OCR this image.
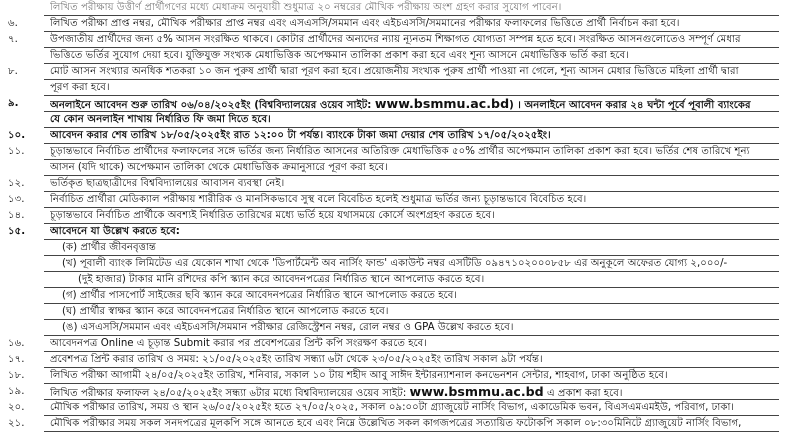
লিখিত পরীক্ষায় উত্তীর্ণ প্রার্থীগণের মধ্যে মেধাক্রম অনুযায়ী শুধুমাত্র ২০ নম্বরের মৌখিক পরীক্ষায় অংশ গ্রহণ করার সুযোগ পাবেন।
৬.	লিখিত পরীক্ষা প্রাপ্ত নম্বর, মৌখিক পরীক্ষার প্রাপ্ত নম্বর এবং এসএসসি/সমমান এবং এইচএসসি/সমমানের পরীক্ষার ফলাফলের ভিত্তিতে প্রার্থী নির্বাচন করা হবে।
৭.	উপজাতীয় প্রার্থীদের জন্য ৫% আসন সংরক্ষিত থাকবে। কোটার প্রার্থীদের অন্যদের ন্যায় ন্যূনতম শিক্ষাগত যোগ্যতা সম্পন্ন হতে হবে। সংরক্ষিত আসনগুলোতেও সম্পূর্ণ মেধার
ভিত্তিতে ভর্তির সুযোগ দেয়া হবে। যুক্তিযুক্ত সংখ্যক মেধাভিত্তিক অপেক্ষমান তালিকা প্রকাশ করা হবে এবং শূন্য আসনে মেধাভিত্তিক ভর্তি করা হবে।
৮.	মোট আসন সংখ্যার অনধিক শতকরা ১০ জন পুরুষ প্রার্থী দ্বারা পূরণ করা হবে। প্রয়োজনীয় সংখ্যক পুরুষ প্রার্থী পাওয়া না গেলে, শূন্য আসন মেধার ভিত্তিতে মহিলা প্রার্থী দ্বারা
পূরণ করা হবে।
৯.	অনলাইনে আবেদন শুরু তারিখ ০৬/০৪/২০২৫ইং (বিশ্ববিদ্যালয়ের ওয়েব সাইট: www.bsmmu.ac.bd) । অনলাইনে আবেদন করার ২৪ ঘন্টা পূর্বে পূবালী ব্যাংকের
যে কোন অনলাইন শাখায় নির্ধারিত ফি জমা দিতে হবে।
১০.	আবেদন করার শেষ তারিখ ১৮/০৫/২০২৫ইং রাত ১২:০০ টা পর্যন্ত। ব্যাংকে টাকা জমা দেয়ার শেষ তারিখ ১৭/০৫/২০২৫ইং।
১১.	চূড়ান্তভাবে নির্বাচিত প্রার্থীদের ফলাফলের সঙ্গে ভর্তির জন্য নির্ধারিত আসনের অতিরিক্ত মেধাভিত্তিক ৫০% প্রার্থীর অপেক্ষমান তালিকা প্রকাশ করা হবে। ভর্তির শেষ তারিখে শূন্য
আসন (যদি থাকে) অপেক্ষমান তালিকা থেকে মেধাভিত্তিক ক্রমানুসারে পূরণ করা হবে।
১২.	ভর্তিকৃত ছাত্রছাত্রীদের বিশ্ববিদ্যালয়ের আবাসন ব্যবস্থা নেই।
১৩.	নির্বাচিত প্রার্থীরা মেডিক্যাল পরীক্ষায় শারীরিক ও মানসিকভাবে সুস্থ বলে বিবেচিত হলেই শুধুমাত্র ভর্তির জন্য চূড়ান্তভাবে বিবেচিত হবে।
১৪.	চূড়ান্তভাবে নির্বাচিত প্রার্থীকে অবশ্যই নির্ধারিত তারিখের মধ্যে ভর্তি হয়ে যথাসময়ে কোর্সে অংশগ্রহণ করতে হবে।
১৫.	আবেদনে যা উল্লেখ করতে হবে:
(ক) প্রার্থীর জীবনবৃত্তান্ত
(খ) পূবালী ব্যাংক লিমিটেড এর যেকোন শাখা থেকে 'ডিপার্টমেন্ট অব নার্সিং ফান্ড' একাউন্ট নম্বর এসটিডি ০৯৪৭১০২০০০৮৫৮ এর অনুকূলে অফেরত যোগ্য ২,০০০/-
(দুই হাজার) টাকার মানি রশিদের কপি স্ক্যান করে আবেদনপত্রের নির্ধারিত স্থানে আপলোড করতে হবে।
(গ) প্রার্থীর পাসপোর্ট সাইজের ছবি স্ক্যান করে আবেদনপত্রের নির্ধারিত স্থানে আপলোড করতে হবে।
(ঘ) প্রার্থীর স্বাক্ষর স্ক্যান করে আবেদনপত্রের নির্ধারিত স্থানে আপলোড করতে হবে।
(ঙ) এসএসসি/সমমান এবং এইচএসসি/সমমান পরীক্ষার রেজিস্ট্রেশন নম্বর, রোল নম্বর ও GPA উল্লেখ করতে হবে।
১৬.	আবেদনপত্র Online এ চূড়ান্ত Submit করার পর প্রবেশপত্রের প্রিন্ট কপি সংরক্ষণ করতে হবে।
১৭.	প্রবেশপত্র প্রিন্ট করার তারিখ ও সময়: ২১/০৫/২০২৫ইং তারিখ সন্ধ্যা ৬টা থেকে ২৩/০৫/২০২৫ইং তারিখ সকাল ৯টা পর্যন্ত।
১৮.	লিখিত পরীক্ষা আগামী ২৪/০৫/২০২৫ইং তারিখ, শনিবার, সকাল ১০ টায় শহীদ আবু সাঈদ ইন্টারন্যাশনাল কনভেনশন সেন্টার, শাহবাগ, ঢাকা অনুষ্ঠিত হবে।
১৯.	লিখিত পরীক্ষার ফলাফল ২৪/০৫/২০২৫ইং সন্ধ্যা ৬টার মধ্যে বিশ্ববিদ্যালয়ের ওয়েব সাইট: www.bsmmu.ac.bd এ প্রকাশ করা হবে।
২০.	মৌখিক পরীক্ষার তারিখ, সময় ও স্থান ২৬/০৫/২০২৫ইং হতে ২৭/০৫/২০২৫, সকাল ০৯:০০টা গ্র্যাজুয়েট নার্সিং বিভাগ, একাডেমিক ভবন, বিএসএমএমইউ, পরিবাগ, ঢাকা।
২১.	মৌখিক পরীক্ষার সময় সকল সনদপত্রের মূলকপি সঙ্গে আনতে হবে এবং নিম্নে উল্লেখিত সকল কাগজপত্রের সত্যায়িত ফটোকপি সকাল ০৮:৩০মিনিটে গ্র্যাজুয়েট নার্সিং বিভাগ,
